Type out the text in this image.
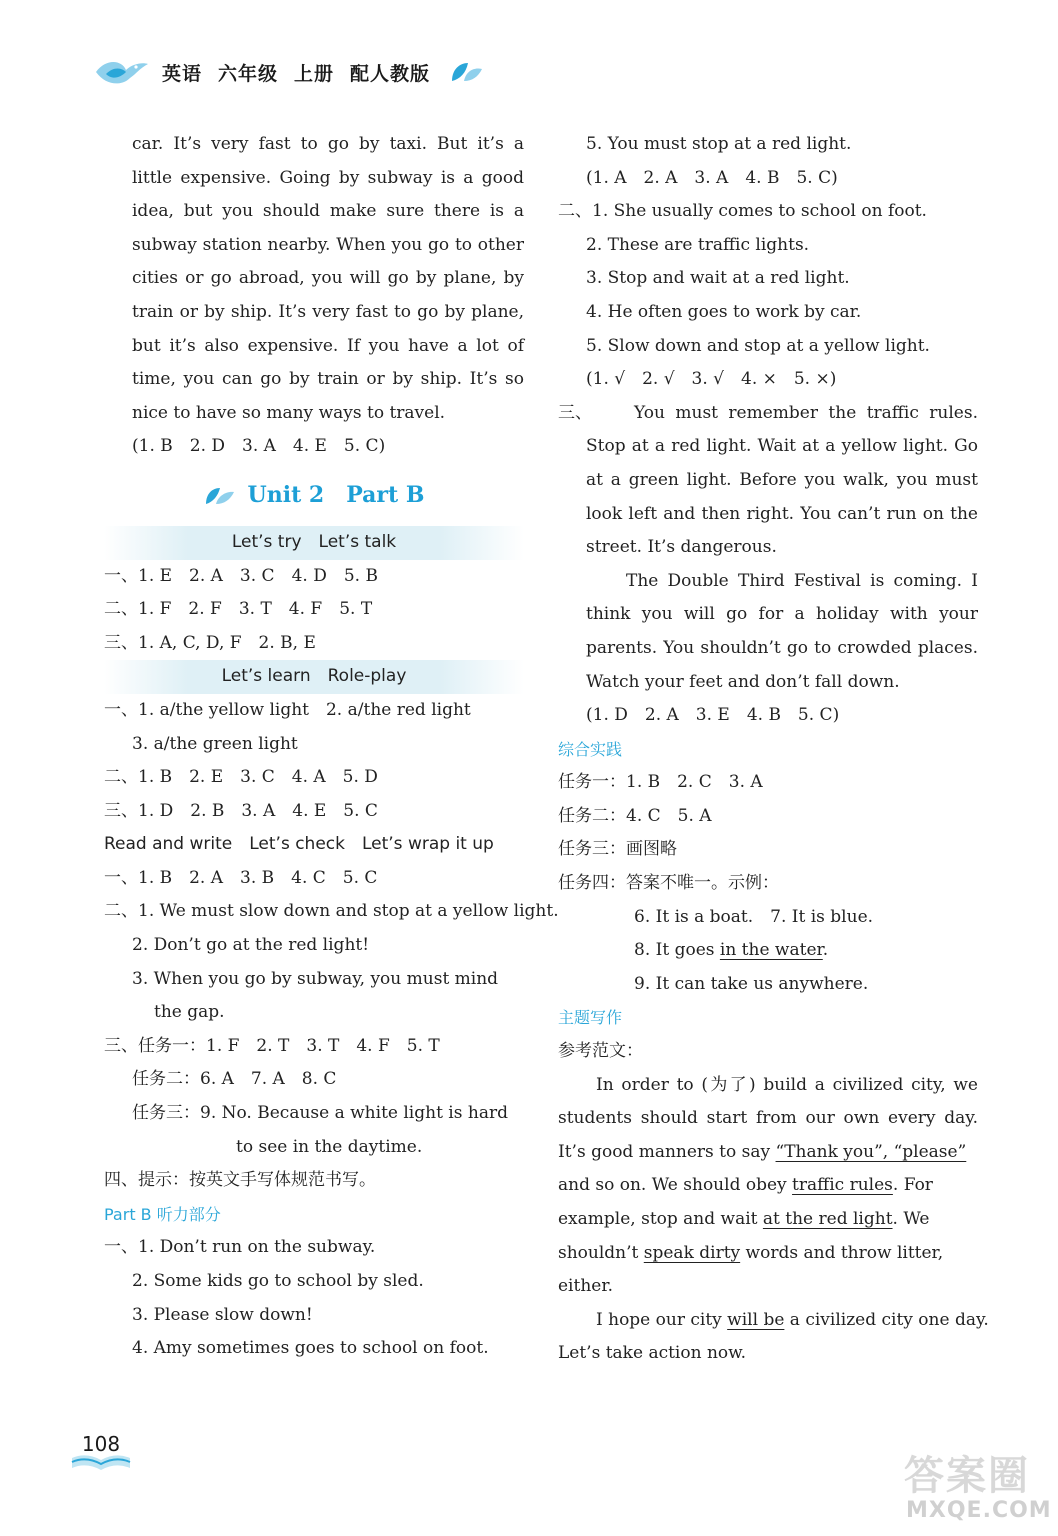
英语 六年级 上册 配人教版
car. It’s very fast to go by taxi. But it’s a
little expensive. Going by subway is a good
idea, but you should make sure there is a
subway station nearby. When you go to other
cities or go abroad, you will go by plane, by
train or by ship. It’s very fast to go by plane,
but it’s also expensive. If you have a lot of
time, you can go by train or by ship. It’s so
nice to have so many ways to travel.
(1. B　2. D　3. A　4. E　5. C)
Unit 2　Part B
Let’s try　Let’s talk
一、1. E　2. A　3. C　4. D　5. B
二、1. F　2. F　3. T　4. F　5. T
三、1. A, C, D, F　2. B, E
Let’s learn　Role-play
一、1. a/the yellow light　2. a/the red light
3. a/the green light
二、1. B　2. E　3. C　4. A　5. D
三、1. D　2. B　3. A　4. E　5. C
Read and write　Let’s check　Let’s wrap it up
一、1. B　2. A　3. B　4. C　5. C
二、1. We must slow down and stop at a yellow light.
2. Don’t go at the red light!
3. When you go by subway, you must mind
the gap.
三、任务一：1. F　2. T　3. T　4. F　5. T
任务二：6. A　7. A　8. C
任务三：9. No. Because a white light is hard
to see in the daytime.
四、提示：按英文手写体规范书写。
Part B 听力部分
一、1. Don’t run on the subway.
2. Some kids go to school by sled.
3. Please slow down!
4. Amy sometimes goes to school on foot.
5. You must stop at a red light.
(1. A　2. A　3. A　4. B　5. C)
二、1. She usually comes to school on foot.
2. These are traffic lights.
3. Stop and wait at a red light.
4. He often goes to work by car.
5. Slow down and stop at a yellow light.
(1. √　2. √　3. √　4. ×　5. ×)
三、 You must remember the traffic rules.
Stop at a red light. Wait at a yellow light. Go
at a green light. Before you walk, you must
look left and then right. You can’t run on the
street. It’s dangerous.
The Double Third Festival is coming. I
think you will go for a holiday with your
parents. You shouldn’t go to crowded places.
Watch your feet and don’t fall down.
(1. D　2. A　3. E　4. B　5. C)
综合实践
任务一：1. B　2. C　3. A
任务二：4. C　5. A
任务三：画图略
任务四：答案不唯一。示例：
6. It is a boat.　7. It is blue.
8. It goes in the water.
9. It can take us anywhere.
主题写作
参考范文：
In order to (为了) build a civilized city, we
students should start from our own every day.
It’s good manners to say “Thank you”, “please”
and so on. We should obey traffic rules. For
example, stop and wait at the red light. We
shouldn’t speak dirty words and throw litter,
either.
I hope our city will be a civilized city one day.
Let’s take action now.
108
答案圈
MXQE.COM
